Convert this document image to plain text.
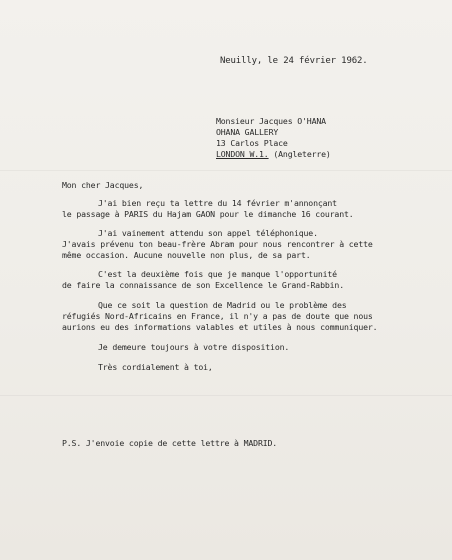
Neuilly, le 24 février 1962.
Monsieur Jacques O'HANA
OHANA GALLERY
13 Carlos Place
LONDON W.1. (Angleterre)
Mon cher Jacques,
J'ai bien reçu ta lettre du 14 février m'annonçant
le passage à PARIS du Hajam GAON pour le dimanche 16 courant.
J'ai vainement attendu son appel téléphonique.
J'avais prévenu ton beau-frère Abram pour nous rencontrer à cette
même occasion. Aucune nouvelle non plus, de sa part.
C'est la deuxième fois que je manque l'opportunité
de faire la connaissance de son Excellence le Grand-Rabbin.
Que ce soit la question de Madrid ou le problème des
réfugiés Nord-Africains en France, il n'y a pas de doute que nous
aurions eu des informations valables et utiles à nous communiquer.
Je demeure toujours à votre disposition.
Très cordialement à toi,
P.S. J'envoie copie de cette lettre à MADRID.
